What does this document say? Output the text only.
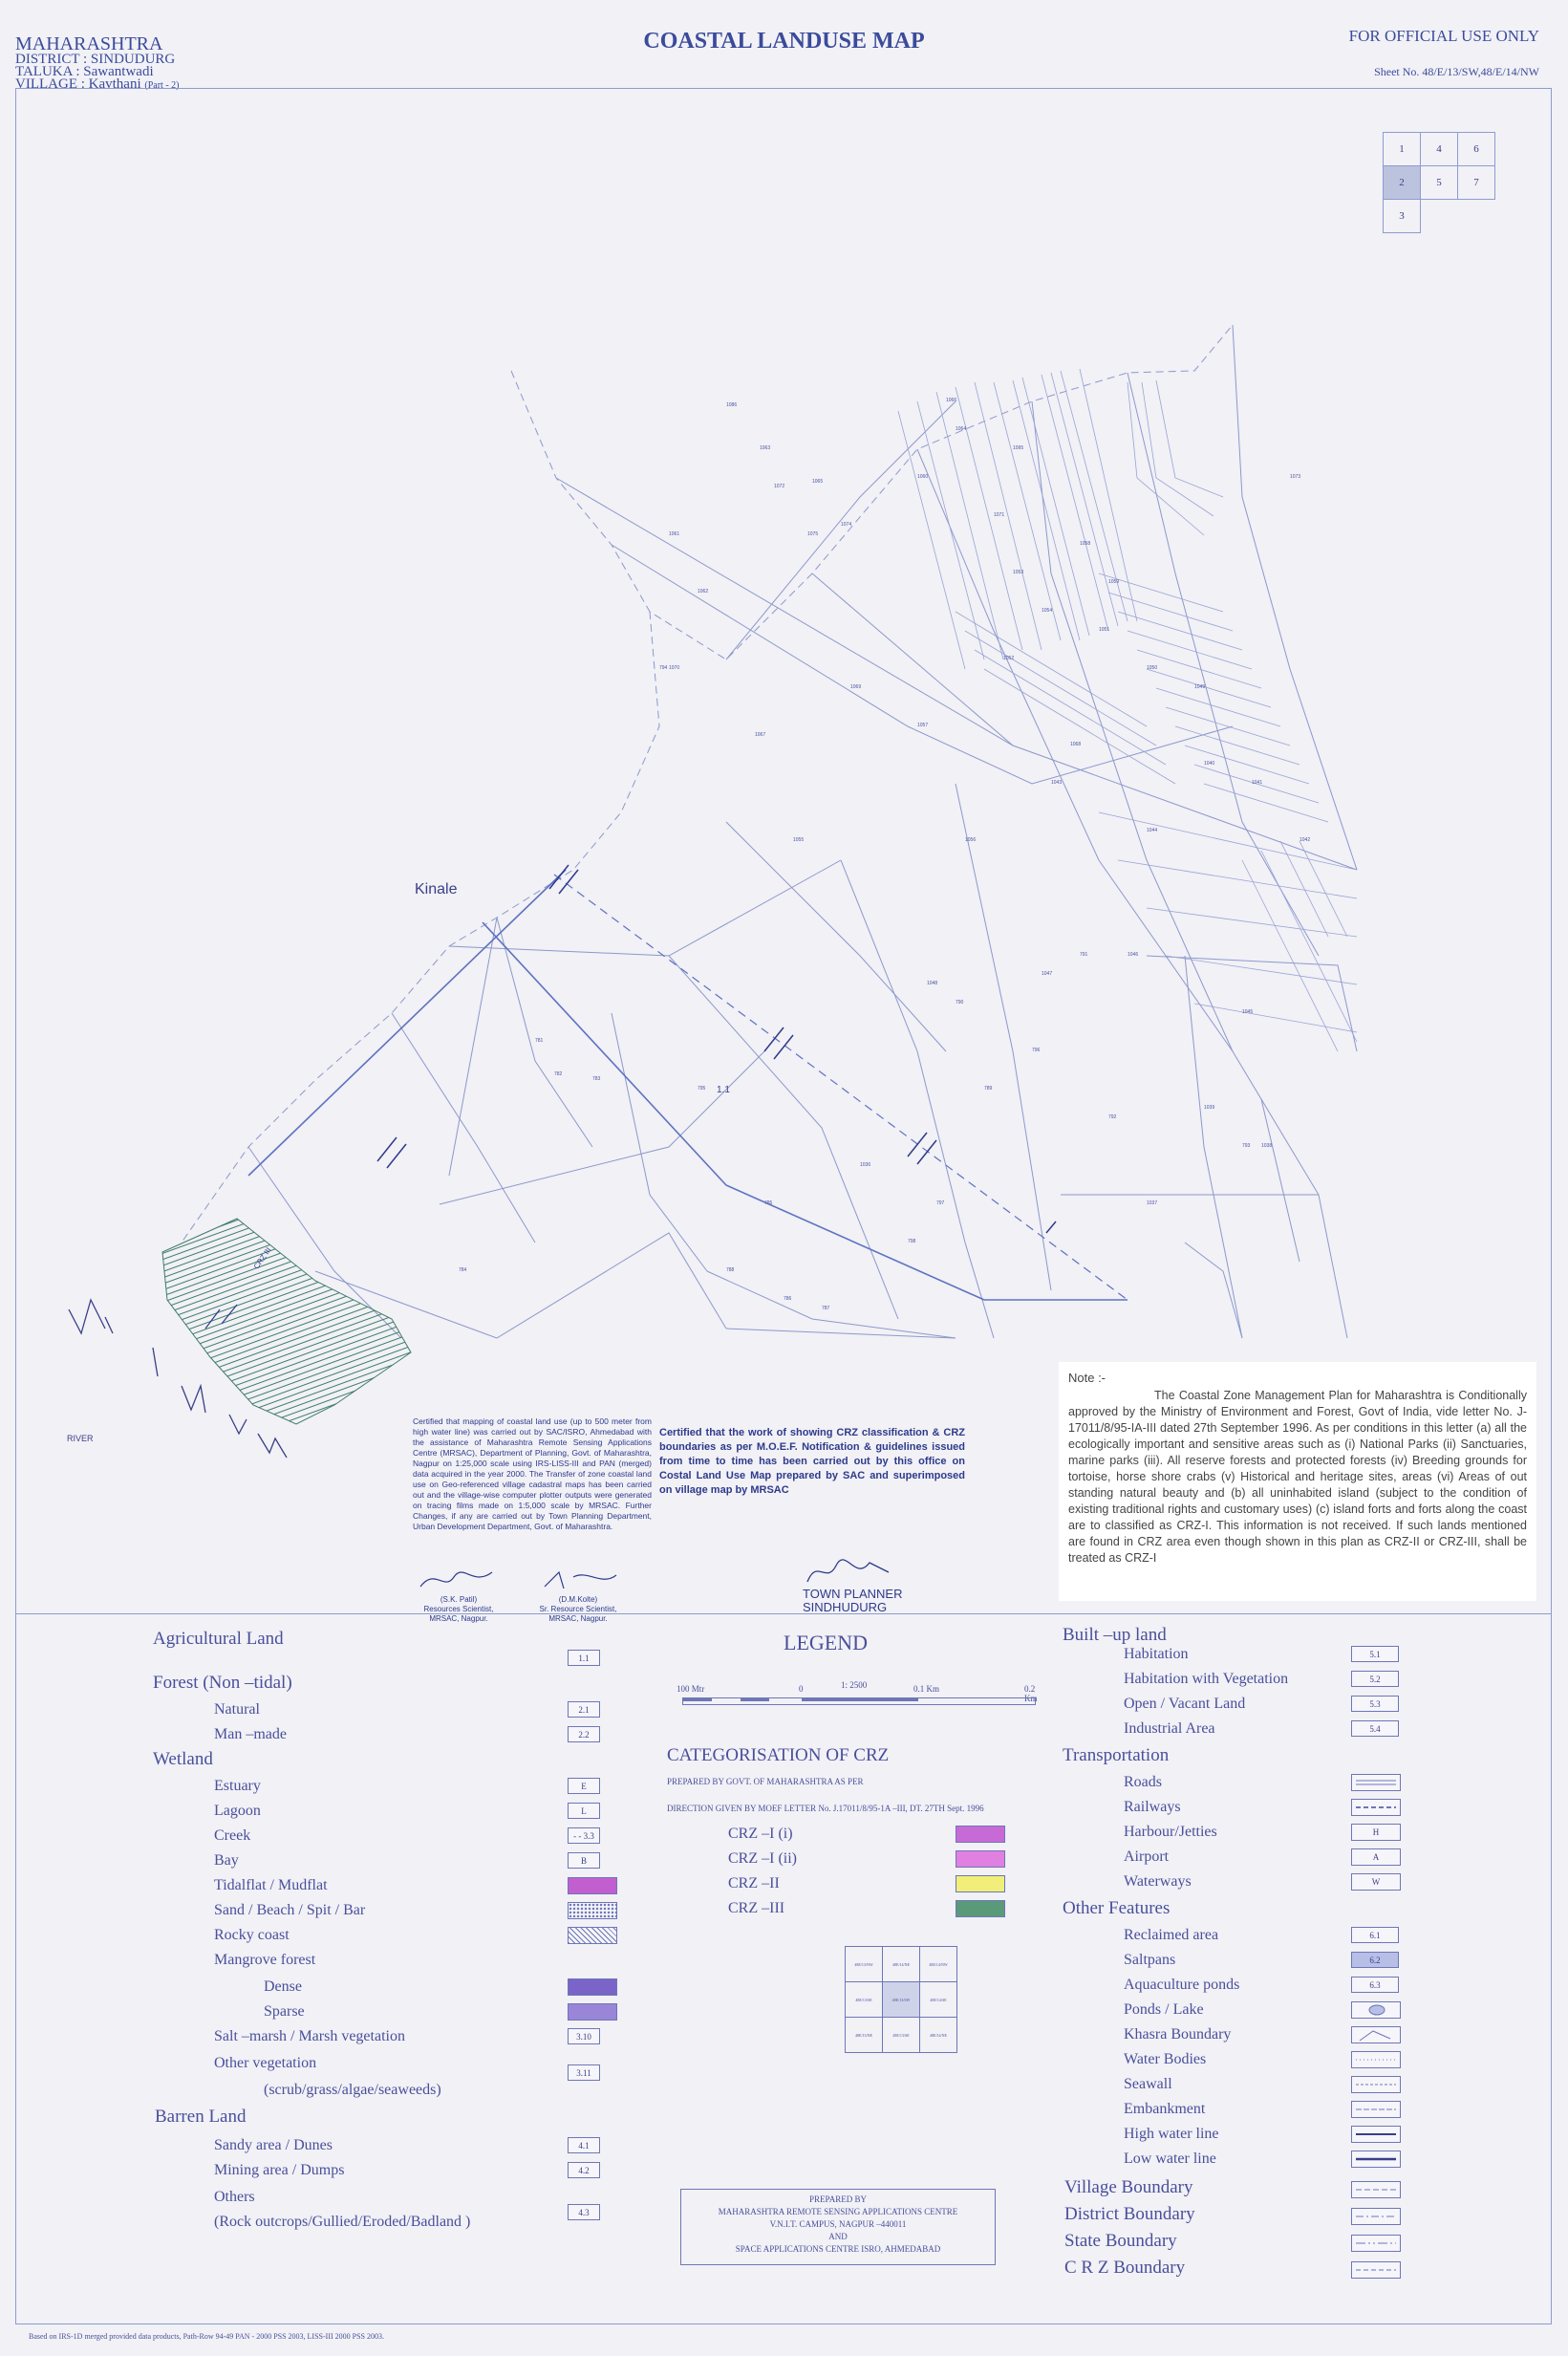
MAHARASHTRA
DISTRICT : SINDUDURG
TALUKA : Sawantwadi
VILLAGE : Kavthani (Part - 2)
COASTAL LANDUSE MAP	FOR OFFICIAL USE ONLY
Sheet No. 48/E/13/SW,48/E/14/NW
1	4	6
2	5	7
3		
1086
1063
1072
1065
1074
1075
1061
1062
1066
1064
1095
1060
1071
1053
1054
1058
1059
1052
1051
1050
1049
1040
1041
1042
1043
1044
1073
1070
1069
1068
1067
1057
1056
1055
1048
1047
1046
1045
1039
1038
1037
1036
781
782
783
784
785
786
787
788
789
790
791
792
793
794
795
796
797
798
Kinale
1.1
CRZ III
RIVER
Certified that mapping of coastal land use (up to 500 meter from high water line) was carried out by SAC/ISRO, Ahmedabad with the assistance of Maharashtra Remote Sensing Applications Centre (MRSAC), Department of Planning, Govt. of Maharashtra, Nagpur on 1:25,000 scale using IRS-LISS-III and PAN (merged) data acquired in the year 2000. The Transfer of zone coastal land use on Geo-referenced village cadastral maps has been carried out and the village-wise computer plotter outputs were generated on tracing films made on 1:5,000 scale by MRSAC. Further Changes, if any are carried out by Town Planning Department, Urban Development Department, Govt. of Maharashtra.
Certified that the work of showing CRZ classification & CRZ boundaries as per M.O.E.F. Notification & guidelines issued from time to time has been carried out by this office on Costal Land Use Map prepared by SAC and superimposed on village map by MRSAC
(S.K. Patil)
Resources Scientist, MRSAC, Nagpur.
(D.M.Kolte)
Sr. Resource Scientist, MRSAC, Nagpur.
TOWN PLANNER
SINDHUDURG
Note :-

The Coastal Zone Management Plan for Maharashtra is Conditionally approved by the Ministry of Environment and Forest, Govt of India, vide letter No. J-17011/8/95-IA-III dated 27th September 1996. As per conditions in this letter (a) all the ecologically important and sensitive areas such as (i) National Parks (ii) Sanctuaries, marine parks (iii). All reserve forests and protected forests (iv) Breeding grounds for tortoise, horse shore crabs (v) Historical and heritage sites, areas (vi) Areas of out standing natural beauty and (b) all uninhabited island (subject to the condition of existing traditional rights and customary uses) (c) island forts and forts along the coast are to classified as CRZ-I. This information is not received. If such lands mentioned are found in CRZ area even though shown in this plan as CRZ-II or CRZ-III, shall be treated as CRZ-I

LEGEND
100 Mtr	0	1: 2500	0.1 Km	0.2 Km
CATEGORISATION OF CRZ
PREPARED BY GOVT. OF MAHARASHTRA AS PER
DIRECTION GIVEN BY MOEF LETTER No. J.17011/8/95-1A –III, DT. 27TH Sept. 1996
CRZ –I (i)
CRZ –I (ii)
CRZ –II
CRZ –III
48E/13/NW	48E/14/NE	48E/14/NW
48E/13/SE	48E/13/SW	48E/14/SE
48E/13/NE	48E/13/SE	48E/14/NE
PREPARED BY
MAHARASHTRA REMOTE SENSING APPLICATIONS CENTRE
V.N.I.T. CAMPUS, NAGPUR –440011
AND
SPACE APPLICATIONS CENTRE ISRO, AHMEDABAD
Agricultural Land
1.1
Forest (Non –tidal)
Natural	2.1
Man –made	2.2
Wetland
Estuary	E
Lagoon	L
Creek	- - 3.3
Bay	B
Tidalflat / Mudflat
Sand / Beach / Spit / Bar
Rocky coast
Mangrove forest
Dense
Sparse
Salt –marsh / Marsh vegetation	3.10
Other vegetation
3.11
(scrub/grass/algae/seaweeds)
Barren Land
Sandy area / Dunes	4.1
Mining area / Dumps	4.2
Others
(Rock outcrops/Gullied/Eroded/Badland )
4.3
Built –up land
Habitation	5.1
Habitation with Vegetation	5.2
Open / Vacant Land	5.3
Industrial Area	5.4
Transportation
Roads
Railways
Harbour/Jetties	H
Airport	A
Waterways	W
Other Features
Reclaimed area	6.1
Saltpans	6.2
Aquaculture ponds	6.3
Ponds / Lake
Khasra Boundary
Water Bodies
Seawall
Embankment
High water line
Low water line
Village Boundary
District Boundary
State Boundary
C R Z Boundary
Based on IRS-1D merged provided data products, Path-Row 94-49 PAN - 2000 PSS 2003, LISS-III 2000 PSS 2003.
